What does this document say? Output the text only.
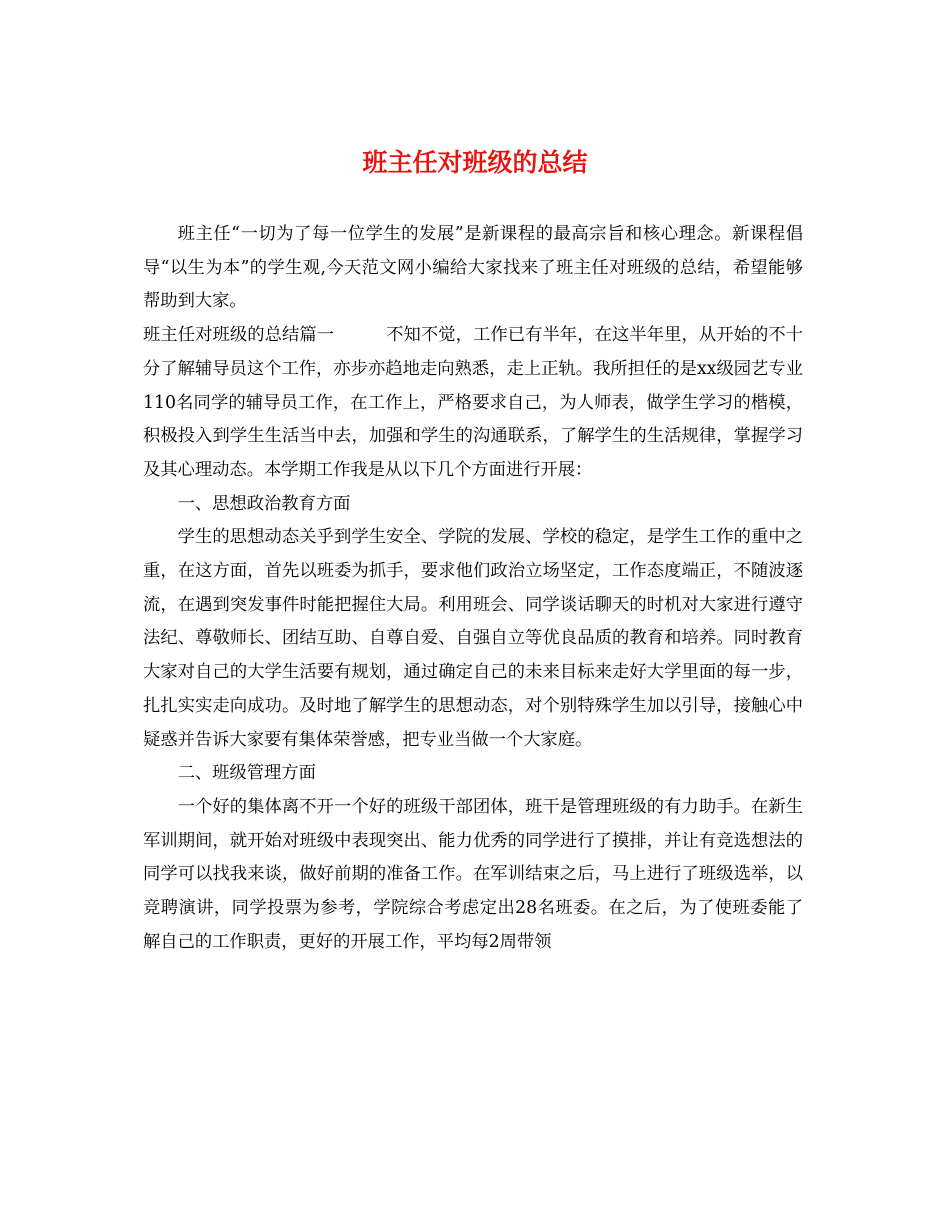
班主任对班级的总结

班主任“一切为了每一位学生的发展”是新课程的最高宗旨和核心理念。新课程倡导“以生为本”的学生观,今天范文网小编给大家找来了班主任对班级的总结，希望能够帮助到大家。

班主任对班级的总结篇一	不知不觉，工作已有半年，在这半年里，从开始的不十分了解辅导员这个工作，亦步亦趋地走向熟悉，走上正轨。我所担任的是xx级园艺专业110名同学的辅导员工作，在工作上，严格要求自己，为人师表，做学生学习的楷模，积极投入到学生生活当中去，加强和学生的沟通联系，了解学生的生活规律，掌握学习及其心理动态。本学期工作我是从以下几个方面进行开展：

一、思想政治教育方面

学生的思想动态关乎到学生安全、学院的发展、学校的稳定，是学生工作的重中之重，在这方面，首先以班委为抓手，要求他们政治立场坚定，工作态度端正，不随波逐流，在遇到突发事件时能把握住大局。利用班会、同学谈话聊天的时机对大家进行遵守法纪、尊敬师长、团结互助、自尊自爱、自强自立等优良品质的教育和培养。同时教育大家对自己的大学生活要有规划，通过确定自己的未来目标来走好大学里面的每一步，扎扎实实走向成功。及时地了解学生的思想动态，对个别特殊学生加以引导，接触心中疑惑并告诉大家要有集体荣誉感，把专业当做一个大家庭。

二、班级管理方面

一个好的集体离不开一个好的班级干部团体，班干是管理班级的有力助手。在新生军训期间，就开始对班级中表现突出、能力优秀的同学进行了摸排，并让有竞选想法的同学可以找我来谈，做好前期的准备工作。在军训结束之后，马上进行了班级选举，以竞聘演讲，同学投票为参考，学院综合考虑定出28名班委。在之后，为了使班委能了解自己的工作职责，更好的开展工作，平均每2周带领
